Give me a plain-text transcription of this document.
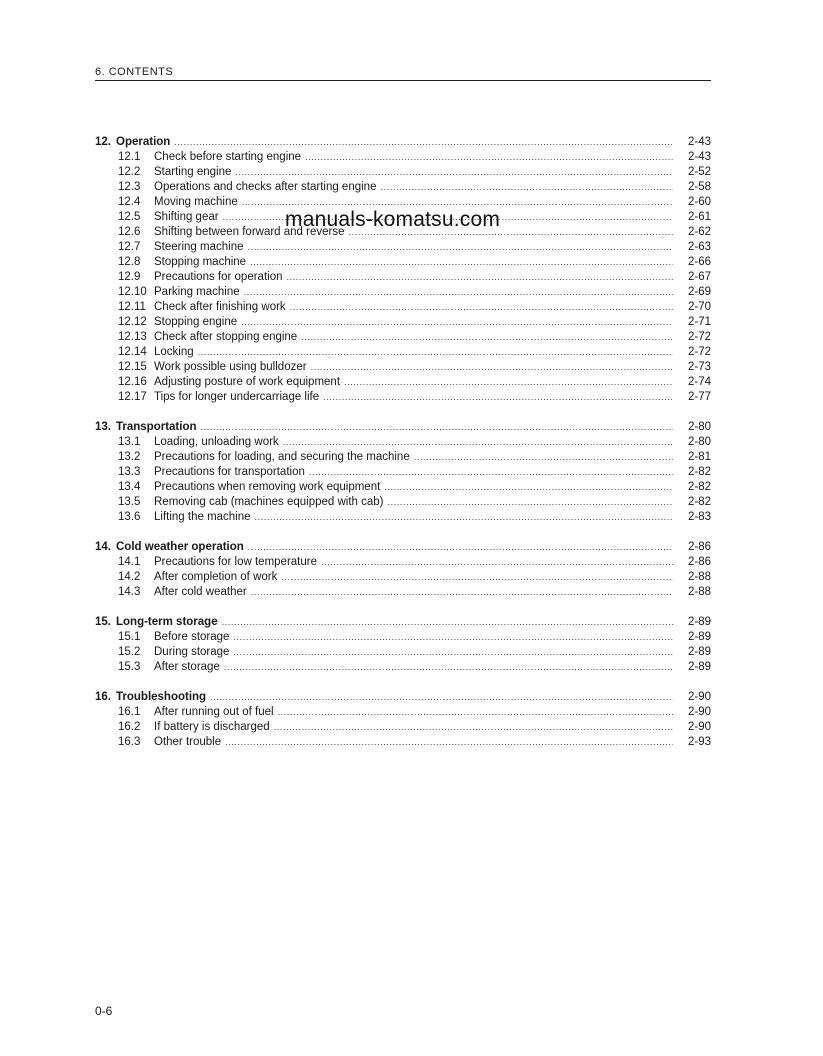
6. CONTENTS
12. Operation .....	2-43
12.1	Check before starting engine .....	2-43
12.2	Starting engine .....	2-52
12.3	Operations and checks after starting engine .....	2-58
12.4	Moving machine .....	2-60
12.5	Shifting gear .....	2-61
12.6	Shifting between forward and reverse .....	2-62
12.7	Steering machine .....	2-63
12.8	Stopping machine .....	2-66
12.9	Precautions for operation .....	2-67
12.10 Parking machine .....	2-69
12.11 Check after finishing work .....	2-70
12.12 Stopping engine .....	2-71
12.13 Check after stopping engine .....	2-72
12.14 Locking .....	2-72
12.15 Work possible using bulldozer .....	2-73
12.16 Adjusting posture of work equipment .....	2-74
12.17 Tips for longer undercarriage life .....	2-77
13. Transportation .....	2-80
13.1	Loading, unloading work .....	2-80
13.2	Precautions for loading, and securing the machine .....	2-81
13.3	Precautions for transportation .....	2-82
13.4	Precautions when removing work equipment .....	2-82
13.5	Removing cab (machines equipped with cab) .....	2-82
13.6	Lifting the machine .....	2-83
14. Cold weather operation .....	2-86
14.1	Precautions for low temperature .....	2-86
14.2	After completion of work .....	2-88
14.3	After cold weather .....	2-88
15. Long-term storage .....	2-89
15.1	Before storage .....	2-89
15.2	During storage .....	2-89
15.3	After storage .....	2-89
16. Troubleshooting .....	2-90
16.1	After running out of fuel .....	2-90
16.2	If battery is discharged .....	2-90
16.3	Other trouble .....	2-93
manuals-komatsu.com
0-6
